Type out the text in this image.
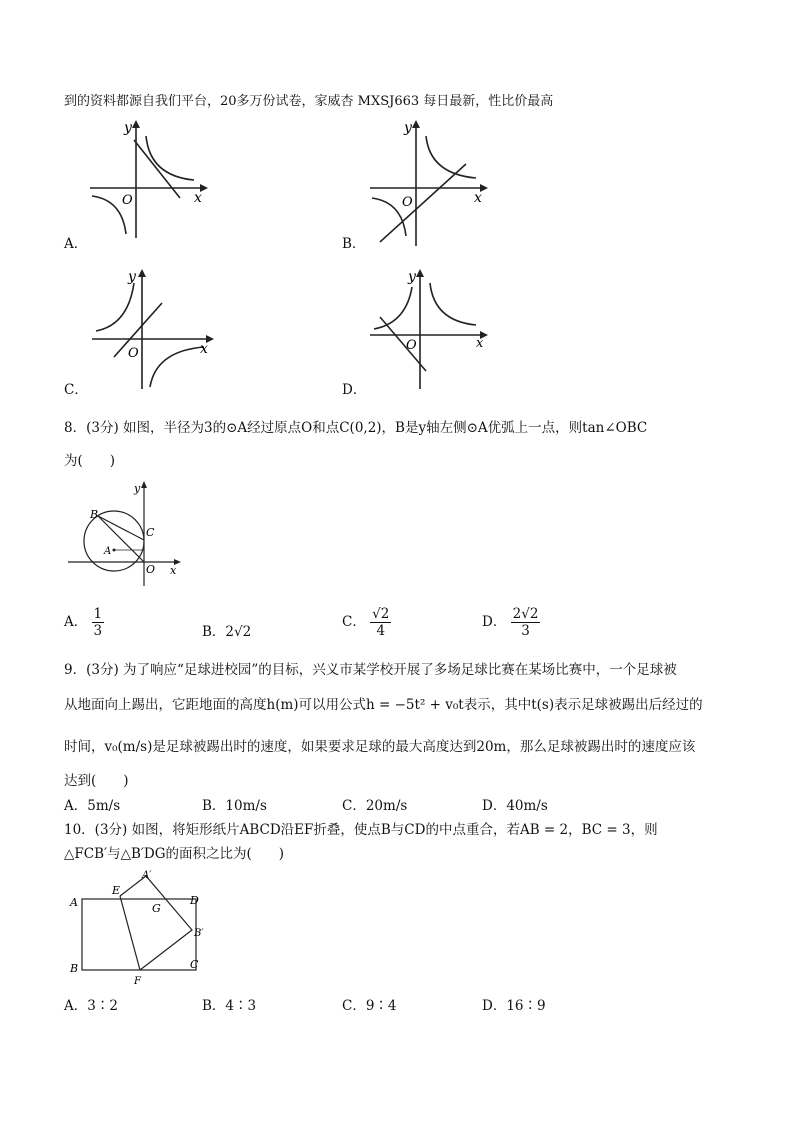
到的资料都源自我们平台，20多万份试卷，家威杏 MXSJ663 每日最新，性比价最高
y
x
O
A．
y
x
O
B．
y
x
O
C．
y
x
O
D．
8．(3分) 如图，半径为3的⊙A经过原点O和点C(0,2)，B是y轴左侧⊙A优弧上一点，则tan∠OBC
为(　　)
y
x
B
C
A
O
A． $\frac{1}{3}$	B．2√2
C． $\frac{√2}{4}$	D． $\frac{2√2}{3}$
9．(3分) 为了响应“足球进校园”的目标，兴义市某学校开展了多场足球比赛在某场比赛中，一个足球被
从地面向上踢出，它距地面的高度h(m)可以用公式h = −5t² + v₀t表示，其中t(s)表示足球被踢出后经过的
时间，v₀(m/s)是足球被踢出时的速度，如果要求足球的最大高度达到20m，那么足球被踢出时的速度应该
达到(　　)
A．5m/s	B．10m/s	C．20m/s	D．40m/s
10．(3分) 如图，将矩形纸片ABCD沿EF折叠，使点B与CD的中点重合，若AB = 2，BC = 3，则
△FCB′与△B′DG的面积之比为(　　)
A
B	C
D
E
F
G
A′
B′
A．3∶2	B．4∶3	C．9∶4	D．16∶9
